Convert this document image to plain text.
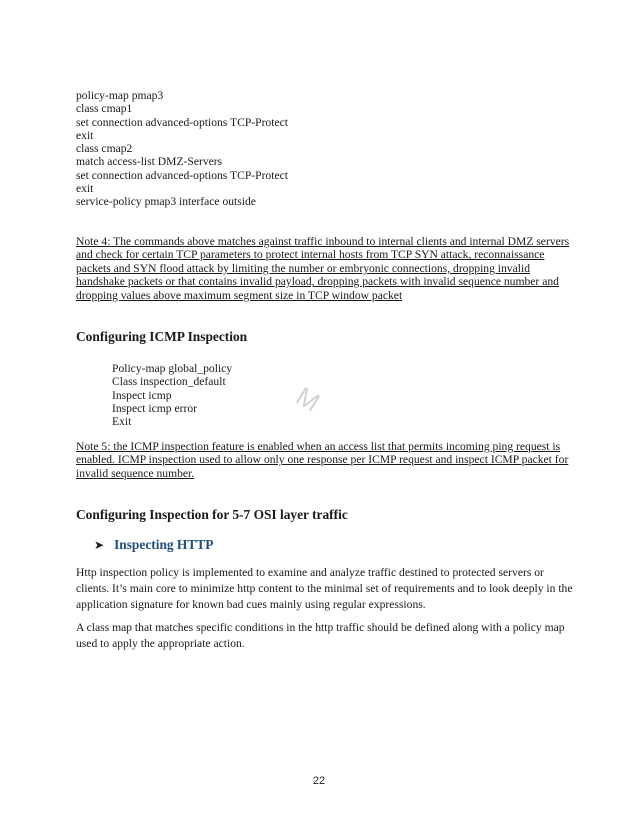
policy-map pmap3
class cmap1
set connection advanced-options TCP-Protect
exit
class cmap2
match access-list DMZ-Servers
set connection advanced-options TCP-Protect
exit
service-policy pmap3 interface outside
Note 4: The commands above matches against traffic inbound to internal clients and internal DMZ servers and check for certain TCP parameters to protect internal hosts from TCP SYN attack, reconnaissance packets and SYN flood attack by limiting the number or embryonic connections, dropping invalid handshake packets or that contains invalid payload, dropping packets with invalid sequence number and dropping values above maximum segment size in TCP window packet
Configuring ICMP Inspection
Policy-map global_policy
Class inspection_default
Inspect icmp
Inspect icmp error
Exit
M
Note 5: the ICMP inspection feature is enabled when an access list that permits incoming ping request is enabled. ICMP inspection used to allow only one response per ICMP request and inspect ICMP packet for invalid sequence number.
Configuring Inspection for 5-7 OSI layer traffic
➤ Inspecting HTTP
Http inspection policy is implemented to examine and analyze traffic destined to protected servers or clients. It’s main core to minimize http content to the minimal set of requirements and to look deeply in the application signature for known bad cues mainly using regular expressions.
A class map that matches specific conditions in the http traffic should be defined along with a policy map used to apply the appropriate action.
22
